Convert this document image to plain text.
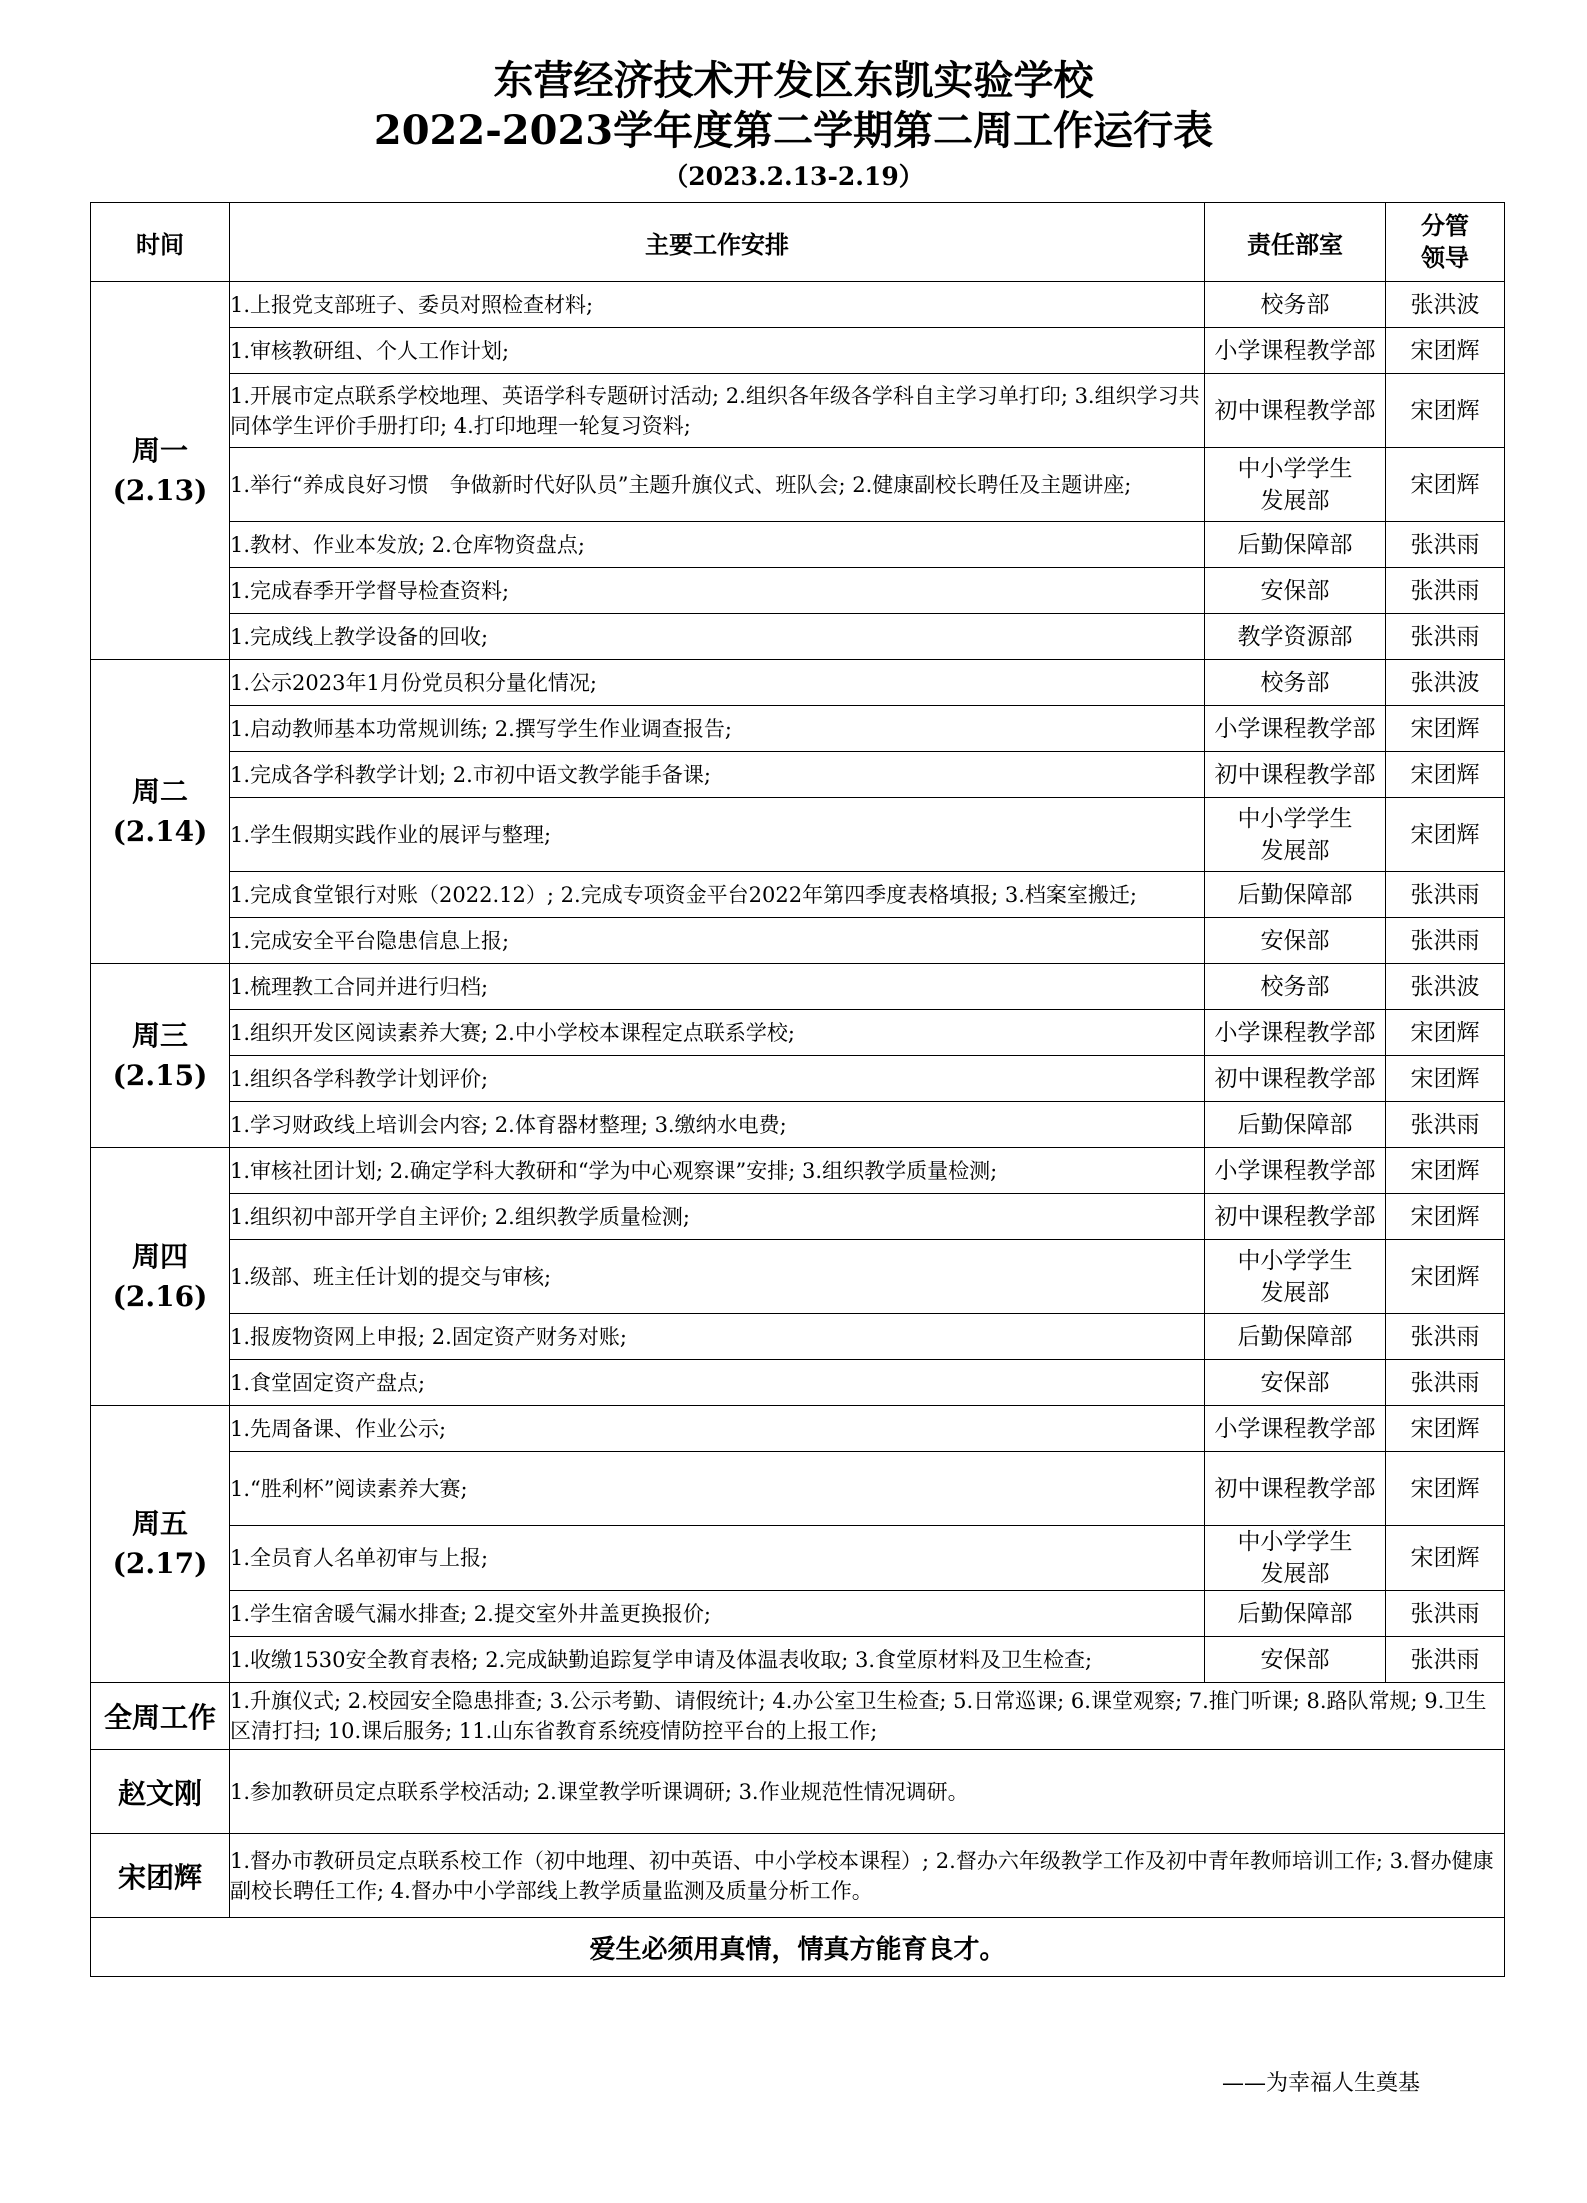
东营经济技术开发区东凯实验学校
2022-2023学年度第二学期第二周工作运行表
（2023.2.13-2.19）
时间	主要工作安排	责任部室	分管领导

周一
(2.13)	1.上报党支部班子、委员对照检查材料;	校务部	张洪波
	1.审核教研组、个人工作计划;	小学课程教学部	宋团辉
	1.开展市定点联系学校地理、英语学科专题研讨活动; 2.组织各年级各学科自主学习单打印; 3.组织学习共同体学生评价手册打印; 4.打印地理一轮复习资料;	初中课程教学部	宋团辉
	1.举行“养成良好习惯　争做新时代好队员”主题升旗仪式、班队会; 2.健康副校长聘任及主题讲座;	中小学学生发展部	宋团辉
	1.教材、作业本发放; 2.仓库物资盘点;	后勤保障部	张洪雨
	1.完成春季开学督导检查资料;	安保部	张洪雨
	1.完成线上教学设备的回收;	教学资源部	张洪雨

周二
(2.14)	1.公示2023年1月份党员积分量化情况;	校务部	张洪波
	1.启动教师基本功常规训练; 2.撰写学生作业调查报告;	小学课程教学部	宋团辉
	1.完成各学科教学计划; 2.市初中语文教学能手备课;	初中课程教学部	宋团辉
	1.学生假期实践作业的展评与整理;	中小学学生发展部	宋团辉
	1.完成食堂银行对账（2022.12）; 2.完成专项资金平台2022年第四季度表格填报; 3.档案室搬迁;	后勤保障部	张洪雨
	1.完成安全平台隐患信息上报;	安保部	张洪雨

周三
(2.15)	1.梳理教工合同并进行归档;	校务部	张洪波
	1.组织开发区阅读素养大赛; 2.中小学校本课程定点联系学校;	小学课程教学部	宋团辉
	1.组织各学科教学计划评价;	初中课程教学部	宋团辉
	1.学习财政线上培训会内容; 2.体育器材整理; 3.缴纳水电费;	后勤保障部	张洪雨

周四
(2.16)	1.审核社团计划; 2.确定学科大教研和“学为中心观察课”安排; 3.组织教学质量检测;	小学课程教学部	宋团辉
	1.组织初中部开学自主评价; 2.组织教学质量检测;	初中课程教学部	宋团辉
	1.级部、班主任计划的提交与审核;	中小学学生发展部	宋团辉
	1.报废物资网上申报; 2.固定资产财务对账;	后勤保障部	张洪雨
	1.食堂固定资产盘点;	安保部	张洪雨

周五
(2.17)	1.先周备课、作业公示;	小学课程教学部	宋团辉
	1.“胜利杯”阅读素养大赛;	初中课程教学部	宋团辉
	1.全员育人名单初审与上报;	中小学学生发展部	宋团辉
	1.学生宿舍暖气漏水排查; 2.提交室外井盖更换报价;	后勤保障部	张洪雨
	1.收缴1530安全教育表格; 2.完成缺勤追踪复学申请及体温表收取; 3.食堂原材料及卫生检查;	安保部	张洪雨
全周工作	1.升旗仪式; 2.校园安全隐患排查; 3.公示考勤、请假统计; 4.办公室卫生检查; 5.日常巡课; 6.课堂观察; 7.推门听课; 8.路队常规; 9.卫生区清打扫; 10.课后服务; 11.山东省教育系统疫情防控平台的上报工作;		
赵文刚	1.参加教研员定点联系学校活动; 2.课堂教学听课调研; 3.作业规范性情况调研。		
宋团辉	1.督办市教研员定点联系校工作（初中地理、初中英语、中小学校本课程）; 2.督办六年级教学工作及初中青年教师培训工作; 3.督办健康副校长聘任工作; 4.督办中小学部线上教学质量监测及质量分析工作。		
爱生必须用真情，情真方能育良才。			
——为幸福人生奠基
